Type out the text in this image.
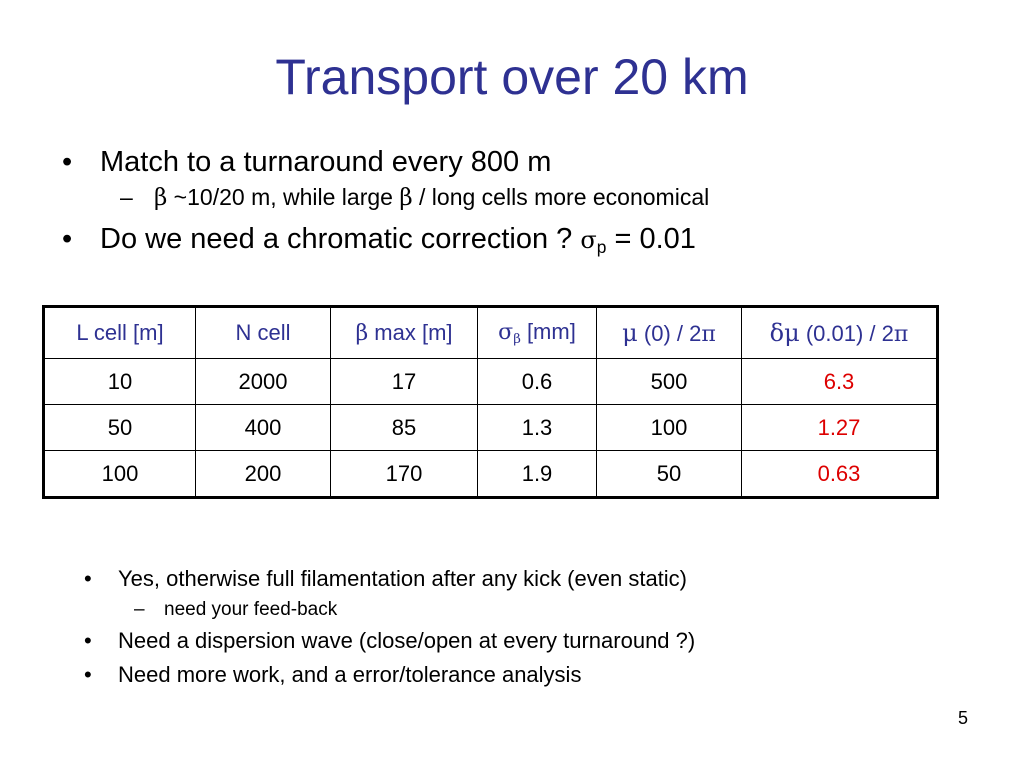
Transport over 20 km
• Match to a turnaround every 800 m
– β ~10/20 m, while large β / long cells more economical
• Do we need a chromatic correction ? $\sigma_p = 0.01$
L cell [m]	N cell	β max [m]	$\sigma_\beta$ [mm]	μ (0) / 2π	δμ (0.01) / 2π
10	2000	17	0.6	500	6.3
50	400	85	1.3	100	1.27
100	200	170	1.9	50	0.63
• Yes, otherwise full filamentation after any kick (even static)
– need your feed-back
• Need a dispersion wave (close/open at every turnaround ?)
• Need more work, and a error/tolerance analysis
5
